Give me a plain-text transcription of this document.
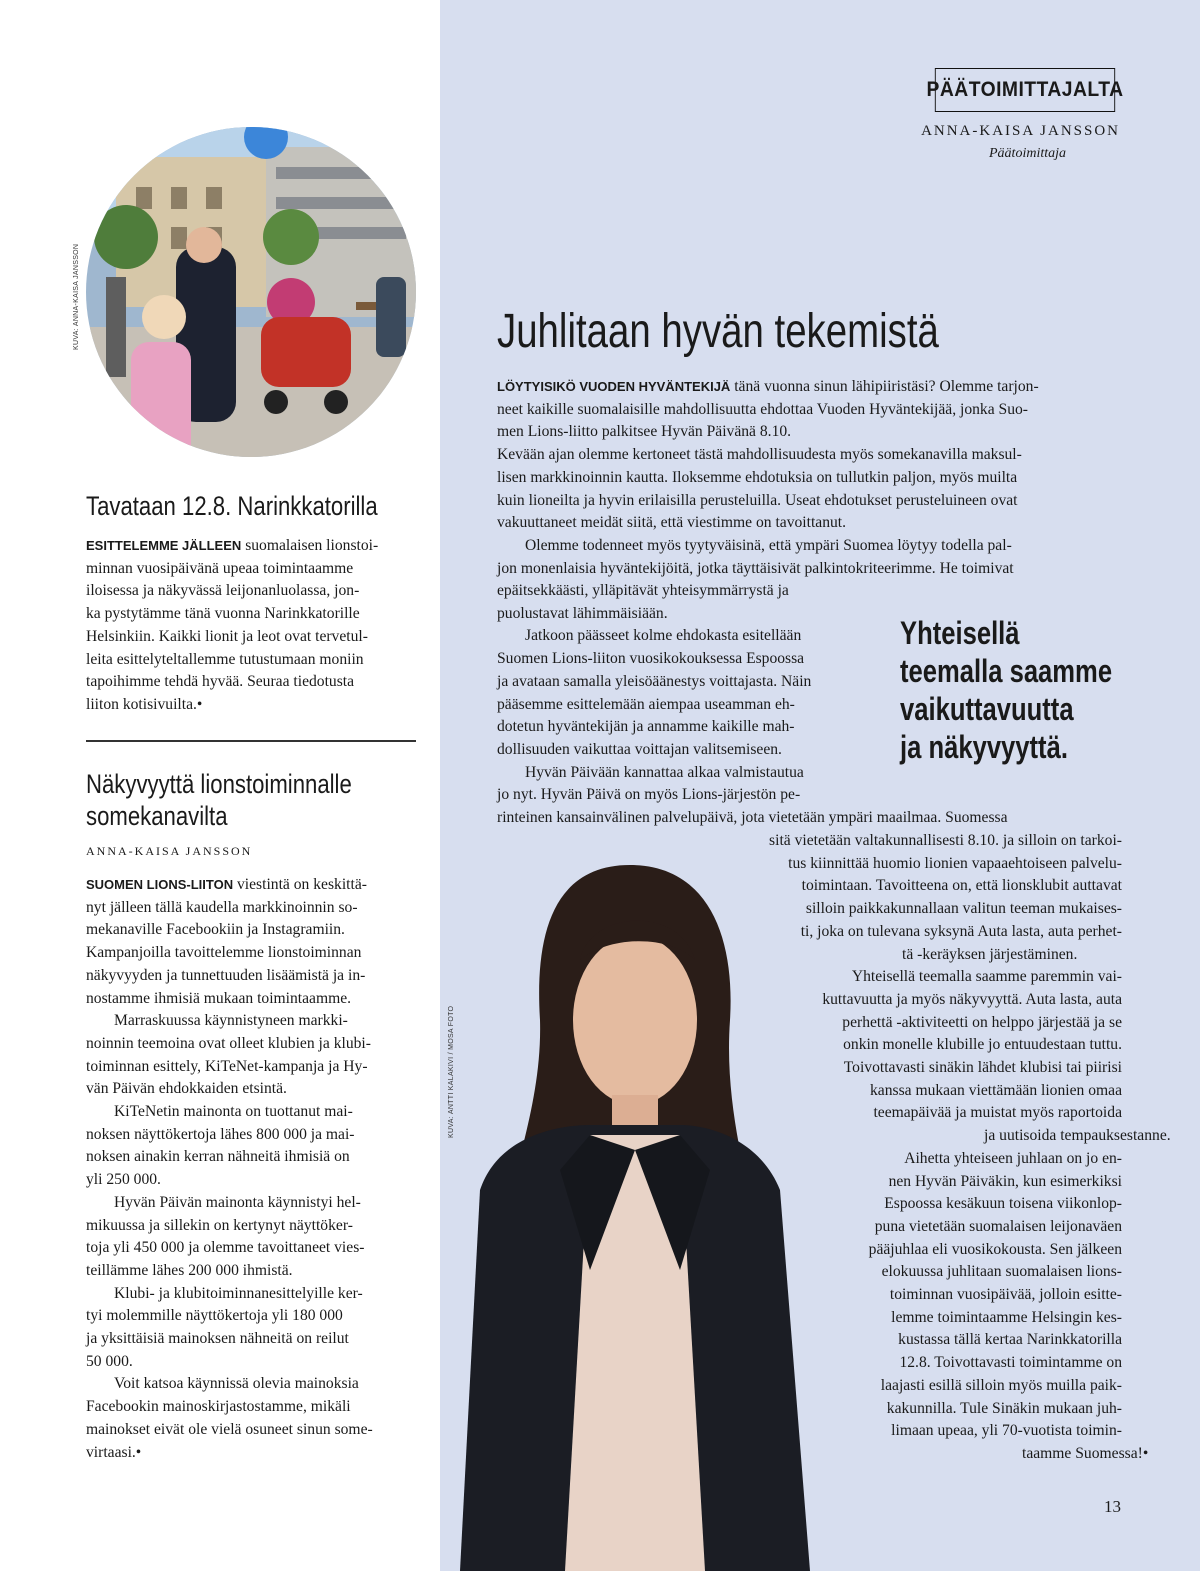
PÄÄTOIMITTAJALTA
ANNA-KAISA JANSSON
Päätoimittaja
KUVA: ANNA-KAISA JANSSON
Tavataan 12.8. Narinkkatorilla
ESITTELEMME JÄLLEEN suomalaisen lionstoi-
minnan vuosipäivänä upeaa toimintaamme
iloisessa ja näkyvässä leijonanluolassa, jon-
ka pystytämme tänä vuonna Narinkkatorille
Helsinkiin. Kaikki lionit ja leot ovat tervetul-
leita esittelyteltallemme tutustumaan moniin
tapoihimme tehdä hyvää. Seuraa tiedotusta
liiton kotisivuilta.•
Näkyvyyttä lionstoiminnalle
somekanavilta
ANNA-KAISA JANSSON
SUOMEN LIONS-LIITON viestintä on keskittä-
nyt jälleen tällä kaudella markkinoinnin so-
mekanaville Facebookiin ja Instagramiin.
Kampanjoilla tavoittelemme lionstoiminnan
näkyvyyden ja tunnettuuden lisäämistä ja in-
nostamme ihmisiä mukaan toimintaamme.
Marraskuussa käynnistyneen markki-
noinnin teemoina ovat olleet klubien ja klubi-
toiminnan esittely, KiTeNet-kampanja ja Hy-
vän Päivän ehdokkaiden etsintä.
KiTeNetin mainonta on tuottanut mai-
noksen näyttökertoja lähes 800 000 ja mai-
noksen ainakin kerran nähneitä ihmisiä on
yli 250 000.
Hyvän Päivän mainonta käynnistyi hel-
mikuussa ja sillekin on kertynyt näyttöker-
toja yli 450 000 ja olemme tavoittaneet vies-
teillämme lähes 200 000 ihmistä.
Klubi- ja klubitoiminnanesittelyille ker-
tyi molemmille näyttökertoja yli 180 000
ja yksittäisiä mainoksen nähneitä on reilut
50 000.
Voit katsoa käynnissä olevia mainoksia
Facebookin mainoskirjastostamme, mikäli
mainokset eivät ole vielä osuneet sinun some-
virtaasi.•
Juhlitaan hyvän tekemistä
LÖYTYISIKÖ VUODEN HYVÄNTEKIJÄ tänä vuonna sinun lähipiiristäsi? Olemme tarjon-
neet kaikille suomalaisille mahdollisuutta ehdottaa Vuoden Hyväntekijää, jonka Suo-
men Lions-liitto palkitsee Hyvän Päivänä 8.10.
Kevään ajan olemme kertoneet tästä mahdollisuudesta myös somekanavilla maksul-
lisen markkinoinnin kautta. Iloksemme ehdotuksia on tullutkin paljon, myös muilta
kuin lioneilta ja hyvin erilaisilla perusteluilla. Useat ehdotukset perusteluineen ovat
vakuuttaneet meidät siitä, että viestimme on tavoittanut.
Olemme todenneet myös tyytyväisinä, että ympäri Suomea löytyy todella pal-
jon monenlaisia hyväntekijöitä, jotka täyttäisivät palkintokriteerimme. He toimivat
epäitsekkäästi, ylläpitävät yhteisymmärrystä ja
puolustavat lähimmäisiään.
Jatkoon päässeet kolme ehdokasta esitellään
Suomen Lions-liiton vuosikokouksessa Espoossa
ja avataan samalla yleisöäänestys voittajasta. Näin
pääsemme esittelemään aiempaa useamman eh-
dotetun hyväntekijän ja annamme kaikille mah-
dollisuuden vaikuttaa voittajan valitsemiseen.
Hyvän Päivään kannattaa alkaa valmistautua
jo nyt. Hyvän Päivä on myös Lions-järjestön pe-
Yhteisellä
teemalla saamme
vaikuttavuutta
ja näkyvyyttä.
rinteinen kansainvälinen palvelupäivä, jota vietetään ympäri maailmaa. Suomessa
KUVA: ANTTI KALAKIVI / MOSA FOTO
sitä vietetään valtakunnallisesti 8.10. ja silloin on tarkoi-
tus kiinnittää huomio lionien vapaaehtoiseen palvelu-
toimintaan. Tavoitteena on, että lionsklubit auttavat
silloin paikkakunnallaan valitun teeman mukaises-
ti, joka on tulevana syksynä Auta lasta, auta perhet-
tä -keräyksen järjestäminen.
Yhteisellä teemalla saamme paremmin vai-
kuttavuutta ja myös näkyvyyttä. Auta lasta, auta
perhettä -aktiviteetti on helppo järjestää ja se
onkin monelle klubille jo entuudestaan tuttu.
Toivottavasti sinäkin lähdet klubisi tai piirisi
kanssa mukaan viettämään lionien omaa
teemapäivää ja muistat myös raportoida
ja uutisoida tempauksestanne.
Aihetta yhteiseen juhlaan on jo en-
nen Hyvän Päiväkin, kun esimerkiksi
Espoossa kesäkuun toisena viikonlop-
puna vietetään suomalaisen leijonaväen
pääjuhlaa eli vuosikokousta. Sen jälkeen
elokuussa juhlitaan suomalaisen lions-
toiminnan vuosipäivää, jolloin esitte-
lemme toimintaamme Helsingin kes-
kustassa tällä kertaa Narinkkatorilla
12.8. Toivottavasti toimintamme on
laajasti esillä silloin myös muilla paik-
kakunnilla. Tule Sinäkin mukaan juh-
limaan upeaa, yli 70-vuotista toimin-
taamme Suomessa!•
13
